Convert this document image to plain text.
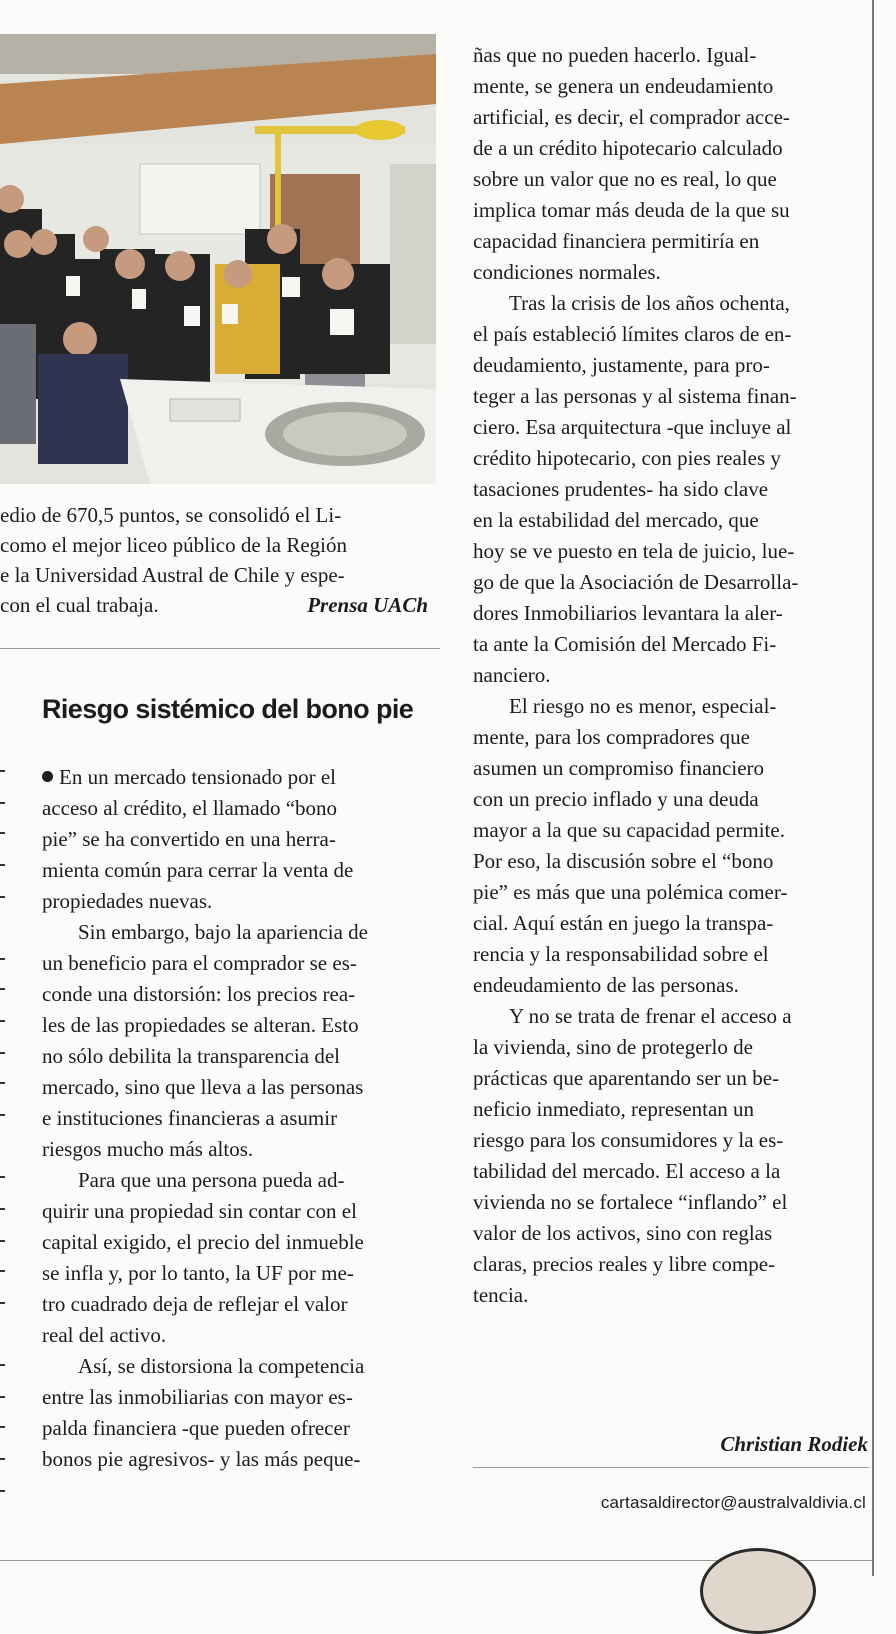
edio de 670,5 puntos, se consolidó el Li-
como el mejor liceo público de la Región
e la Universidad Austral de Chile y espe-
con el cual trabaja.	Prensa UACh
Riesgo sistémico del bono pie

En un mercado tensionado por el

acceso al crédito, el llamado “bono

pie” se ha convertido en una herra-

mienta común para cerrar la venta de

propiedades nuevas.

Sin embargo, bajo la apariencia de

un beneficio para el comprador se es-

conde una distorsión: los precios rea-

les de las propiedades se alteran. Esto

no sólo debilita la transparencia del

mercado, sino que lleva a las personas

e instituciones financieras a asumir

riesgos mucho más altos.

Para que una persona pueda ad-

quirir una propiedad sin contar con el

capital exigido, el precio del inmueble

se infla y, por lo tanto, la UF por me-

tro cuadrado deja de reflejar el valor

real del activo.

Así, se distorsiona la competencia

entre las inmobiliarias con mayor es-

palda financiera -que pueden ofrecer

bonos pie agresivos- y las más peque-

ñas que no pueden hacerlo. Igual-

mente, se genera un endeudamiento

artificial, es decir, el comprador acce-

de a un crédito hipotecario calculado

sobre un valor que no es real, lo que

implica tomar más deuda de la que su

capacidad financiera permitiría en

condiciones normales.

Tras la crisis de los años ochenta,

el país estableció límites claros de en-

deudamiento, justamente, para pro-

teger a las personas y al sistema finan-

ciero. Esa arquitectura -que incluye al

crédito hipotecario, con pies reales y

tasaciones prudentes- ha sido clave

en la estabilidad del mercado, que

hoy se ve puesto en tela de juicio, lue-

go de que la Asociación de Desarrolla-

dores Inmobiliarios levantara la aler-

ta ante la Comisión del Mercado Fi-

nanciero.

El riesgo no es menor, especial-

mente, para los compradores que

asumen un compromiso financiero

con un precio inflado y una deuda

mayor a la que su capacidad permite.

Por eso, la discusión sobre el “bono

pie” es más que una polémica comer-

cial. Aquí están en juego la transpa-

rencia y la responsabilidad sobre el

endeudamiento de las personas.

Y no se trata de frenar el acceso a

la vivienda, sino de protegerlo de

prácticas que aparentando ser un be-

neficio inmediato, representan un

riesgo para los consumidores y la es-

tabilidad del mercado. El acceso a la

vivienda no se fortalece “inflando” el

valor de los activos, sino con reglas

claras, precios reales y libre compe-

tencia.

Christian Rodiek
cartasaldirector@australvaldivia.cl
